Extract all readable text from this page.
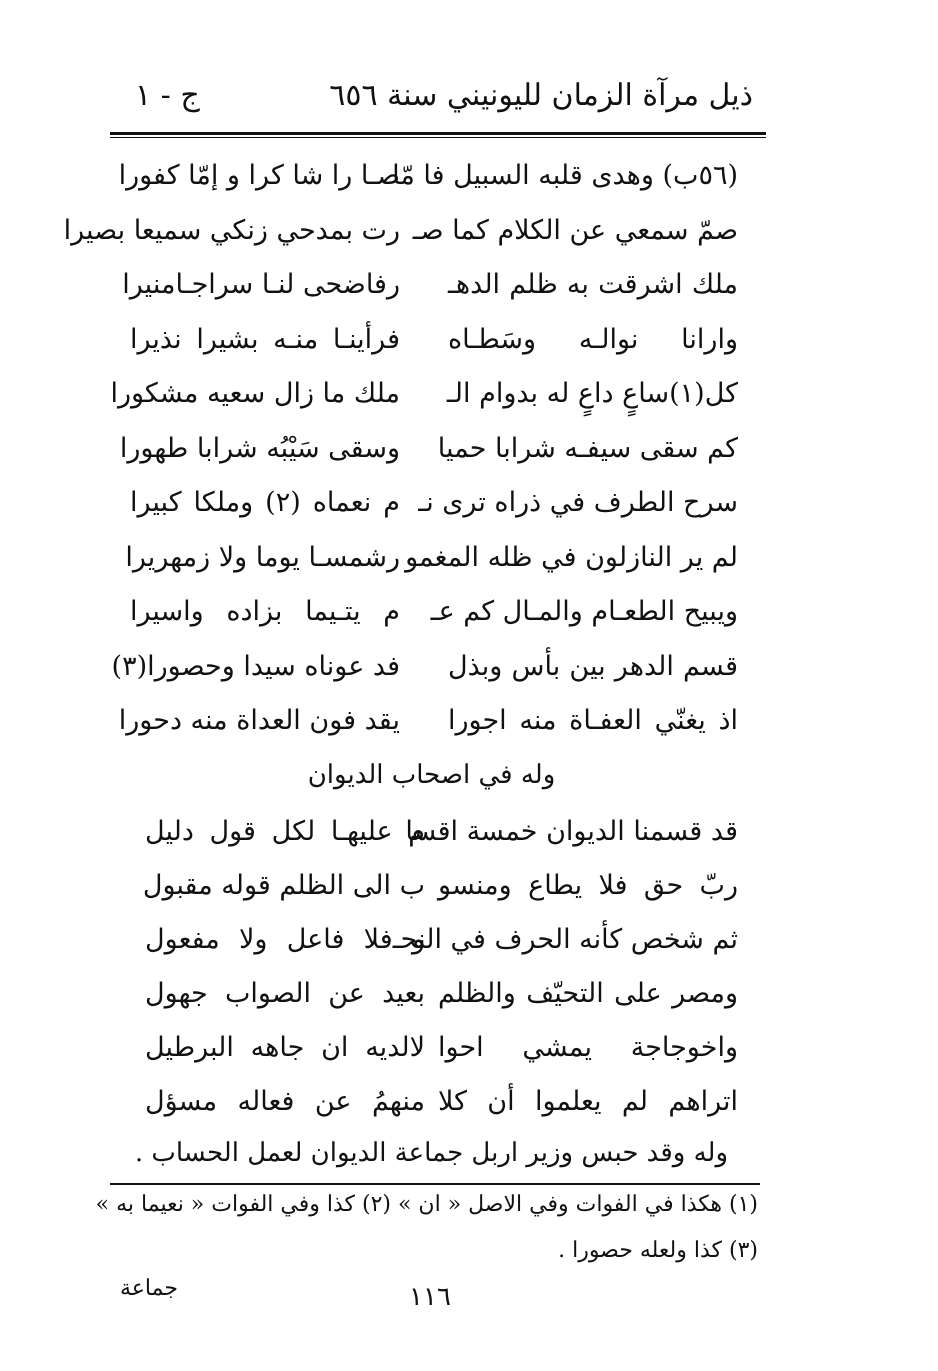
ذيل مرآة الزمان لليونيني سنة ٦٥٦
ج - ١
(٥٦ب) وهدى قلبه السبيل فا مّا
صـا را شا كرا و إمّا كفورا
صمّ سمعي عن الكلام كما صـ
رت بمدحي زنكي سميعا بصيرا
ملك اشرقت به ظلم الدهـ
رفاضحى لنـا سراجـامنيرا
وارانا نوالـه وسَطـاه
فرأينـا منـه بشيرا نذيرا
كل(١)ساعٍ داعٍ له بدوام الـ
ملك ما زال سعيه مشكورا
كم سقى سيفـه شرابا حميا
وسقى سَيْبُه شرابا طهورا
سرح الطرف في ذراه ترى نـ
م نعماه (٢) وملكا كبيرا
لم ير النازلون في ظله المغمو
رشمسـا يوما ولا زمهريرا
ويبيح الطعـام والمـال كم عـ
م يتـيما بزاده واسيرا
قسم الدهر بين بأس وبذل
فد عوناه سيدا وحصورا(٣)
اذ يغنّي العفـاة منه اجورا
يقد فون العداة منه دحورا
وله في اصحاب الديوان
قد قسمنا الديوان خمسة اقسا
م عليهـا لكل قول دليل
ربّ حق فلا يطاع ومنسو
ب الى الظلم قوله مقبول
ثم شخص كأنه الحرف في النحـ
و فلا فاعل ولا مفعول
ومصر على التحيّف والظلم
بعيد عن الصواب جهول
واخوجاجة يمشي احوا
لالديه ان جاهه البرطيل
اتراهم لم يعلموا أن كلا
منهمُ عن فعاله مسؤل
وله وقد حبس وزير اربل جماعة الديوان لعمل الحساب .
(١) هكذا في الفوات وفي الاصل « ان » (٢) كذا وفي الفوات « نعيما به »
(٣) كذا ولعله حصورا .
١١٦
جماعة
